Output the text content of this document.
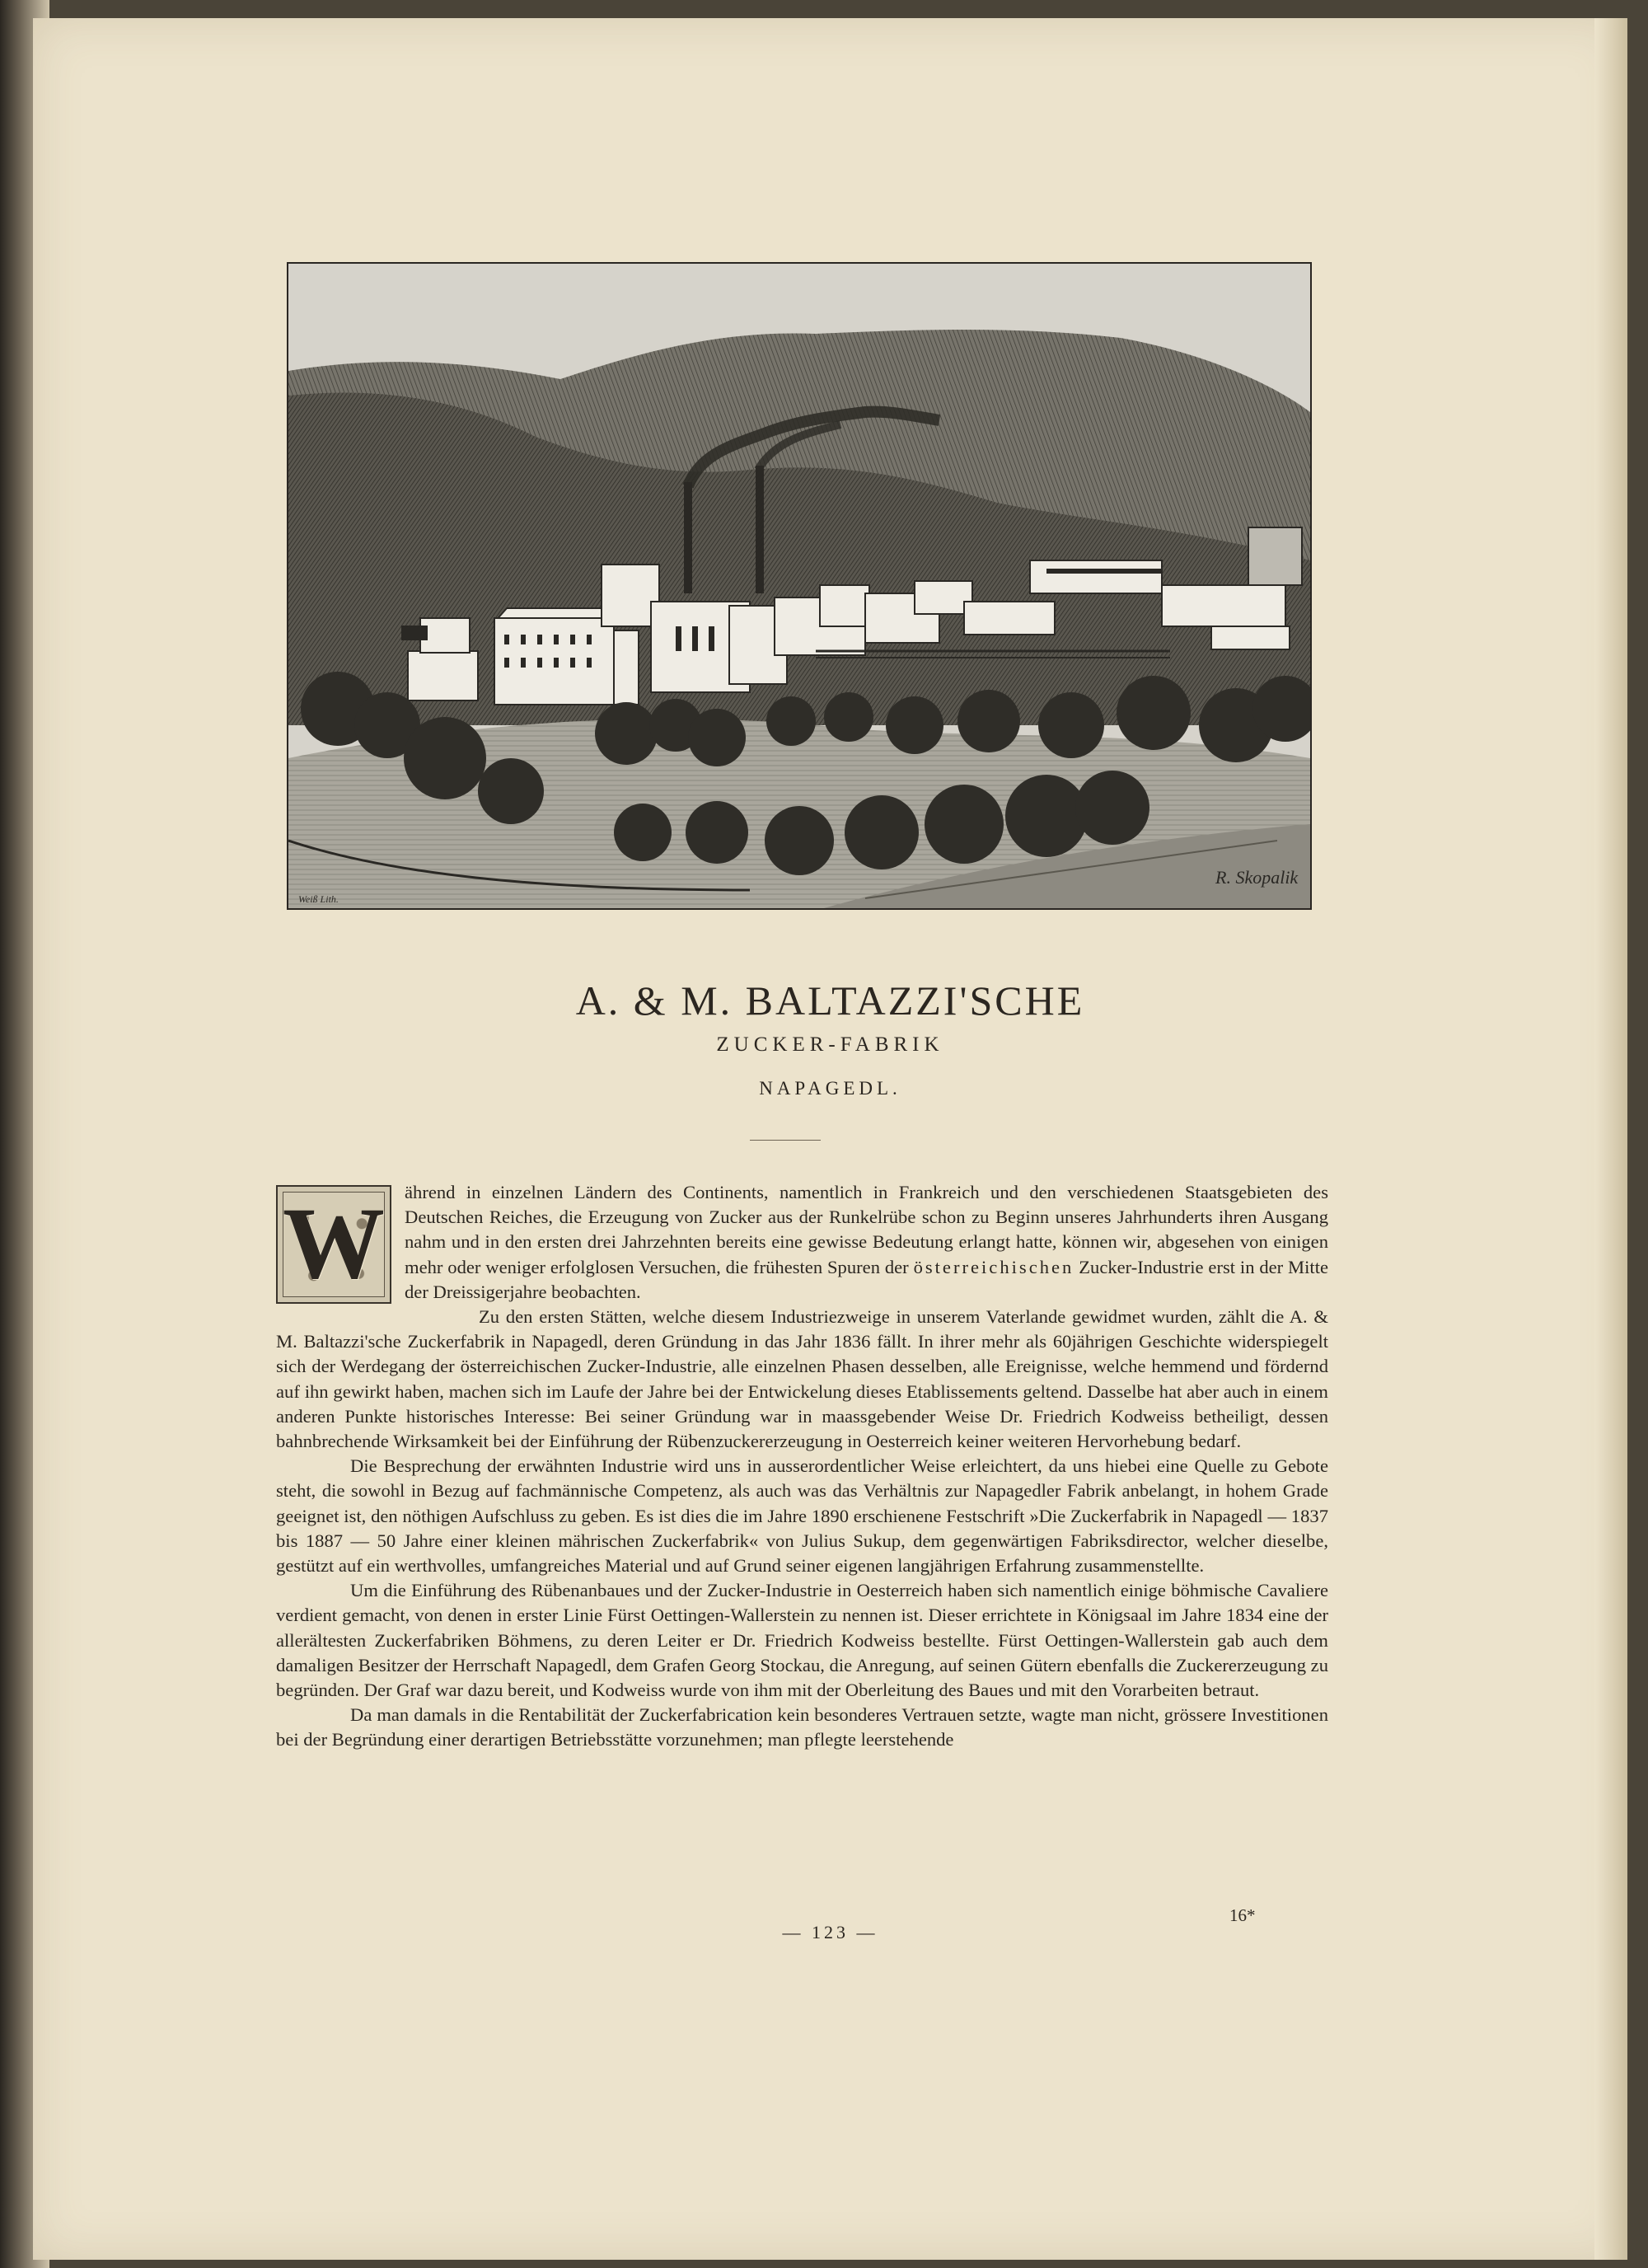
Weiß Lith.
R. Skopalik
A. & M. BALTAZZI'SCHE
ZUCKER-FABRIK
NAPAGEDL.

W ährend in einzelnen Ländern des Continents, namentlich in Frankreich und den verschiedenen Staatsgebieten des Deutschen Reiches, die Erzeugung von Zucker aus der Runkelrübe schon zu Beginn unseres Jahrhunderts ihren Ausgang nahm und in den ersten drei Jahrzehnten bereits eine gewisse Bedeutung erlangt hatte, können wir, abgesehen von einigen mehr oder weniger erfolglosen Versuchen, die frühesten Spuren der österreichischen Zucker-Industrie erst in der Mitte der Dreissigerjahre beobachten.

Zu den ersten Stätten, welche diesem Industriezweige in unserem Vaterlande gewidmet wurden, zählt die A. & M. Baltazzi'sche Zuckerfabrik in Napagedl, deren Gründung in das Jahr 1836 fällt. In ihrer mehr als 60jährigen Geschichte widerspiegelt sich der Werdegang der österreichischen Zucker-Industrie, alle einzelnen Phasen desselben, alle Ereignisse, welche hemmend und fördernd auf ihn gewirkt haben, machen sich im Laufe der Jahre bei der Entwickelung dieses Etablissements geltend. Dasselbe hat aber auch in einem anderen Punkte historisches Interesse: Bei seiner Gründung war in maassgebender Weise Dr. Friedrich Kodweiss betheiligt, dessen bahnbrechende Wirksamkeit bei der Einführung der Rübenzuckererzeugung in Oesterreich keiner weiteren Hervorhebung bedarf.

Die Besprechung der erwähnten Industrie wird uns in ausserordentlicher Weise erleichtert, da uns hiebei eine Quelle zu Gebote steht, die sowohl in Bezug auf fachmännische Competenz, als auch was das Verhältnis zur Napagedler Fabrik anbelangt, in hohem Grade geeignet ist, den nöthigen Aufschluss zu geben. Es ist dies die im Jahre 1890 erschienene Festschrift »Die Zuckerfabrik in Napagedl — 1837 bis 1887 — 50 Jahre einer kleinen mährischen Zuckerfabrik« von Julius Sukup, dem gegenwärtigen Fabriksdirector, welcher dieselbe, gestützt auf ein werthvolles, umfangreiches Material und auf Grund seiner eigenen langjährigen Erfahrung zusammenstellte.

Um die Einführung des Rübenanbaues und der Zucker-Industrie in Oesterreich haben sich namentlich einige böhmische Cavaliere verdient gemacht, von denen in erster Linie Fürst Oettingen-Wallerstein zu nennen ist. Dieser errichtete in Königsaal im Jahre 1834 eine der allerältesten Zuckerfabriken Böhmens, zu deren Leiter er Dr. Friedrich Kodweiss bestellte. Fürst Oettingen-Wallerstein gab auch dem damaligen Besitzer der Herrschaft Napagedl, dem Grafen Georg Stockau, die Anregung, auf seinen Gütern ebenfalls die Zuckererzeugung zu begründen. Der Graf war dazu bereit, und Kodweiss wurde von ihm mit der Oberleitung des Baues und mit den Vorarbeiten betraut.

Da man damals in die Rentabilität der Zuckerfabrication kein besonderes Vertrauen setzte, wagte man nicht, grössere Investitionen bei der Begründung einer derartigen Betriebsstätte vorzunehmen; man pflegte leerstehende

— 123 —
16*
